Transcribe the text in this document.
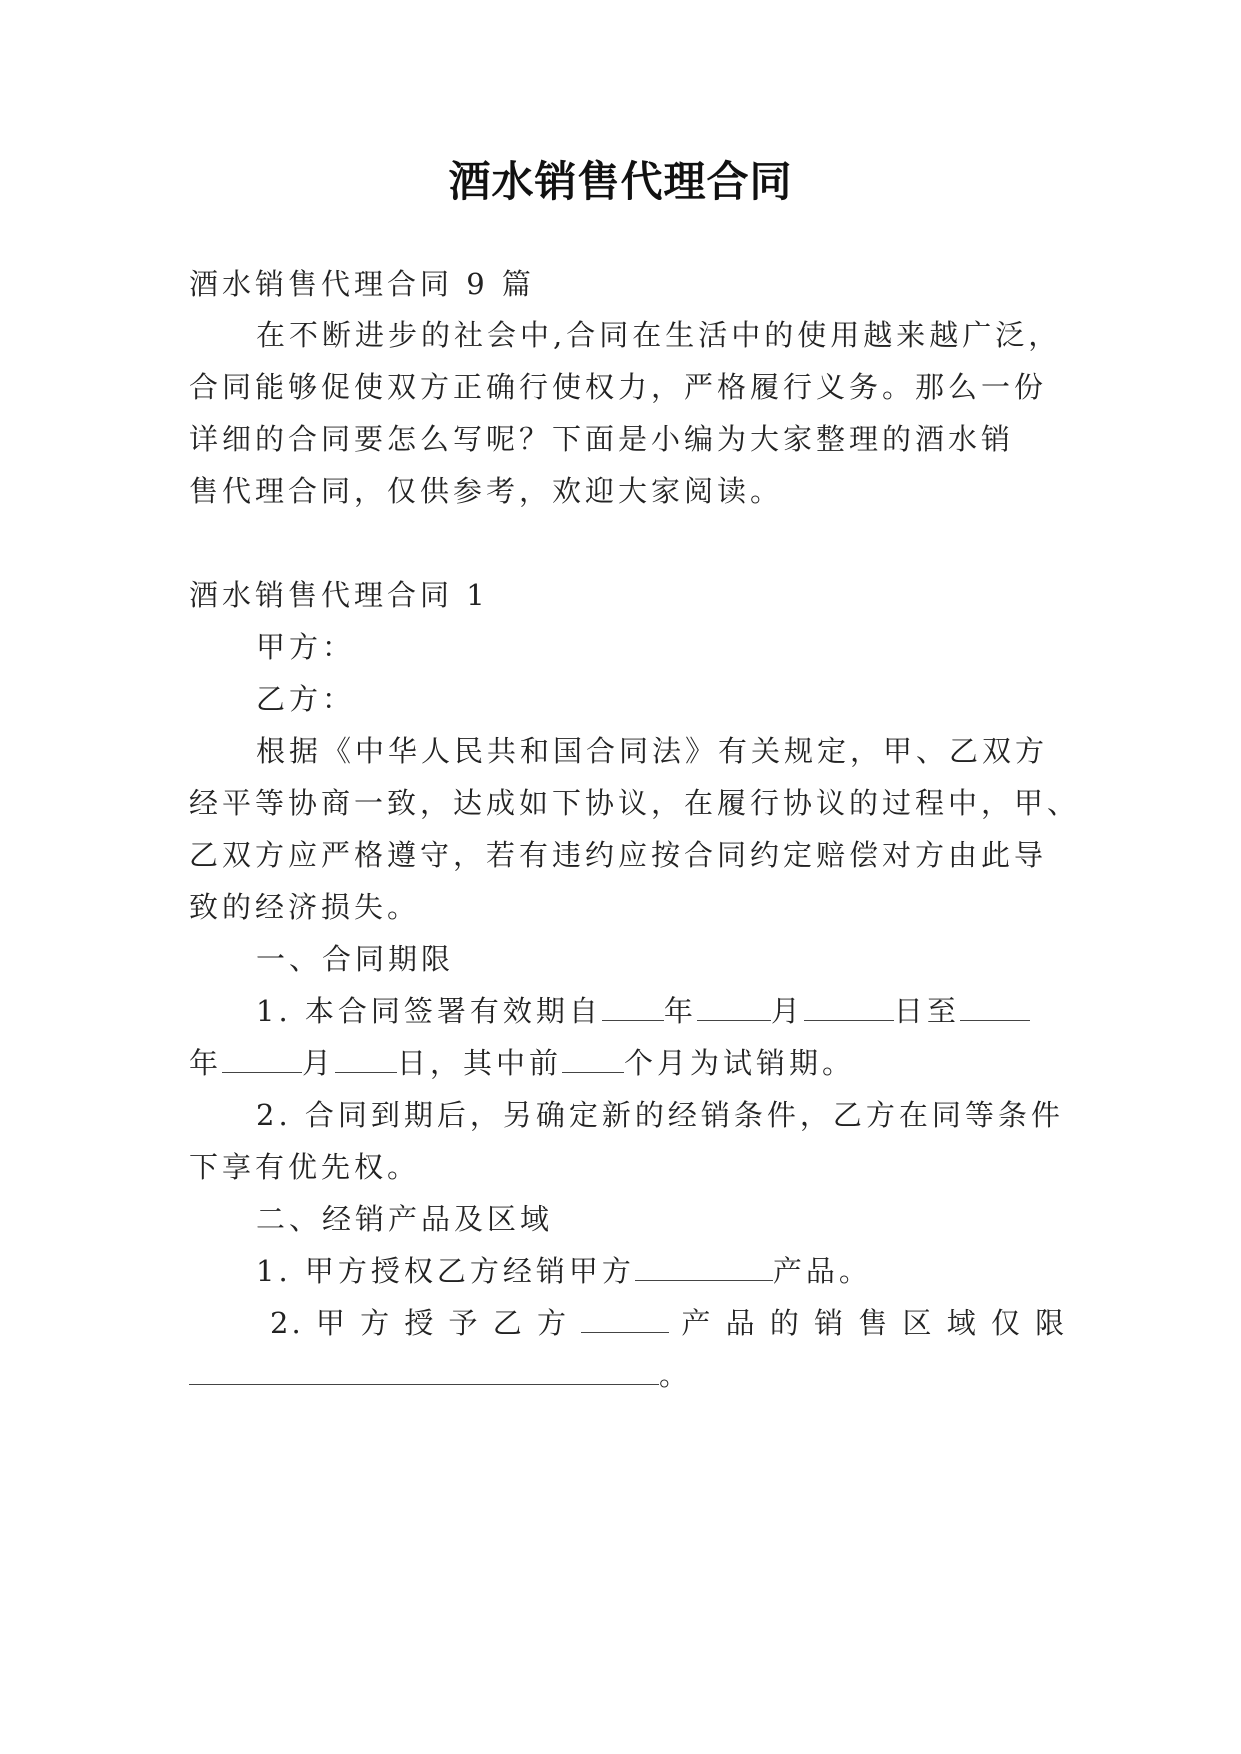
酒水销售代理合同
酒水销售代理合同 9 篇
在不断进步的社会中,合同在生活中的使用越来越广泛，
合同能够促使双方正确行使权力，严格履行义务。那么一份
详细的合同要怎么写呢？下面是小编为大家整理的酒水销
售代理合同，仅供参考，欢迎大家阅读。
酒水销售代理合同 1
甲方：
乙方：
根据《中华人民共和国合同法》有关规定，甲、乙双方
经平等协商一致，达成如下协议，在履行协议的过程中，甲、
乙双方应严格遵守，若有违约应按合同约定赔偿对方由此导
致的经济损失。
一、合同期限
1. 本合同签署有效期自 年	月	日至
年	月 日，其中前 个月为试销期。
2. 合同到期后，另确定新的经销条件，乙方在同等条件
下享有优先权。
二、经销产品及区域
1. 甲方授权乙方经销甲方	产品。
2. 甲 方 授 予 乙 方	产 品 的 销 售 区 域 仅 限
。
